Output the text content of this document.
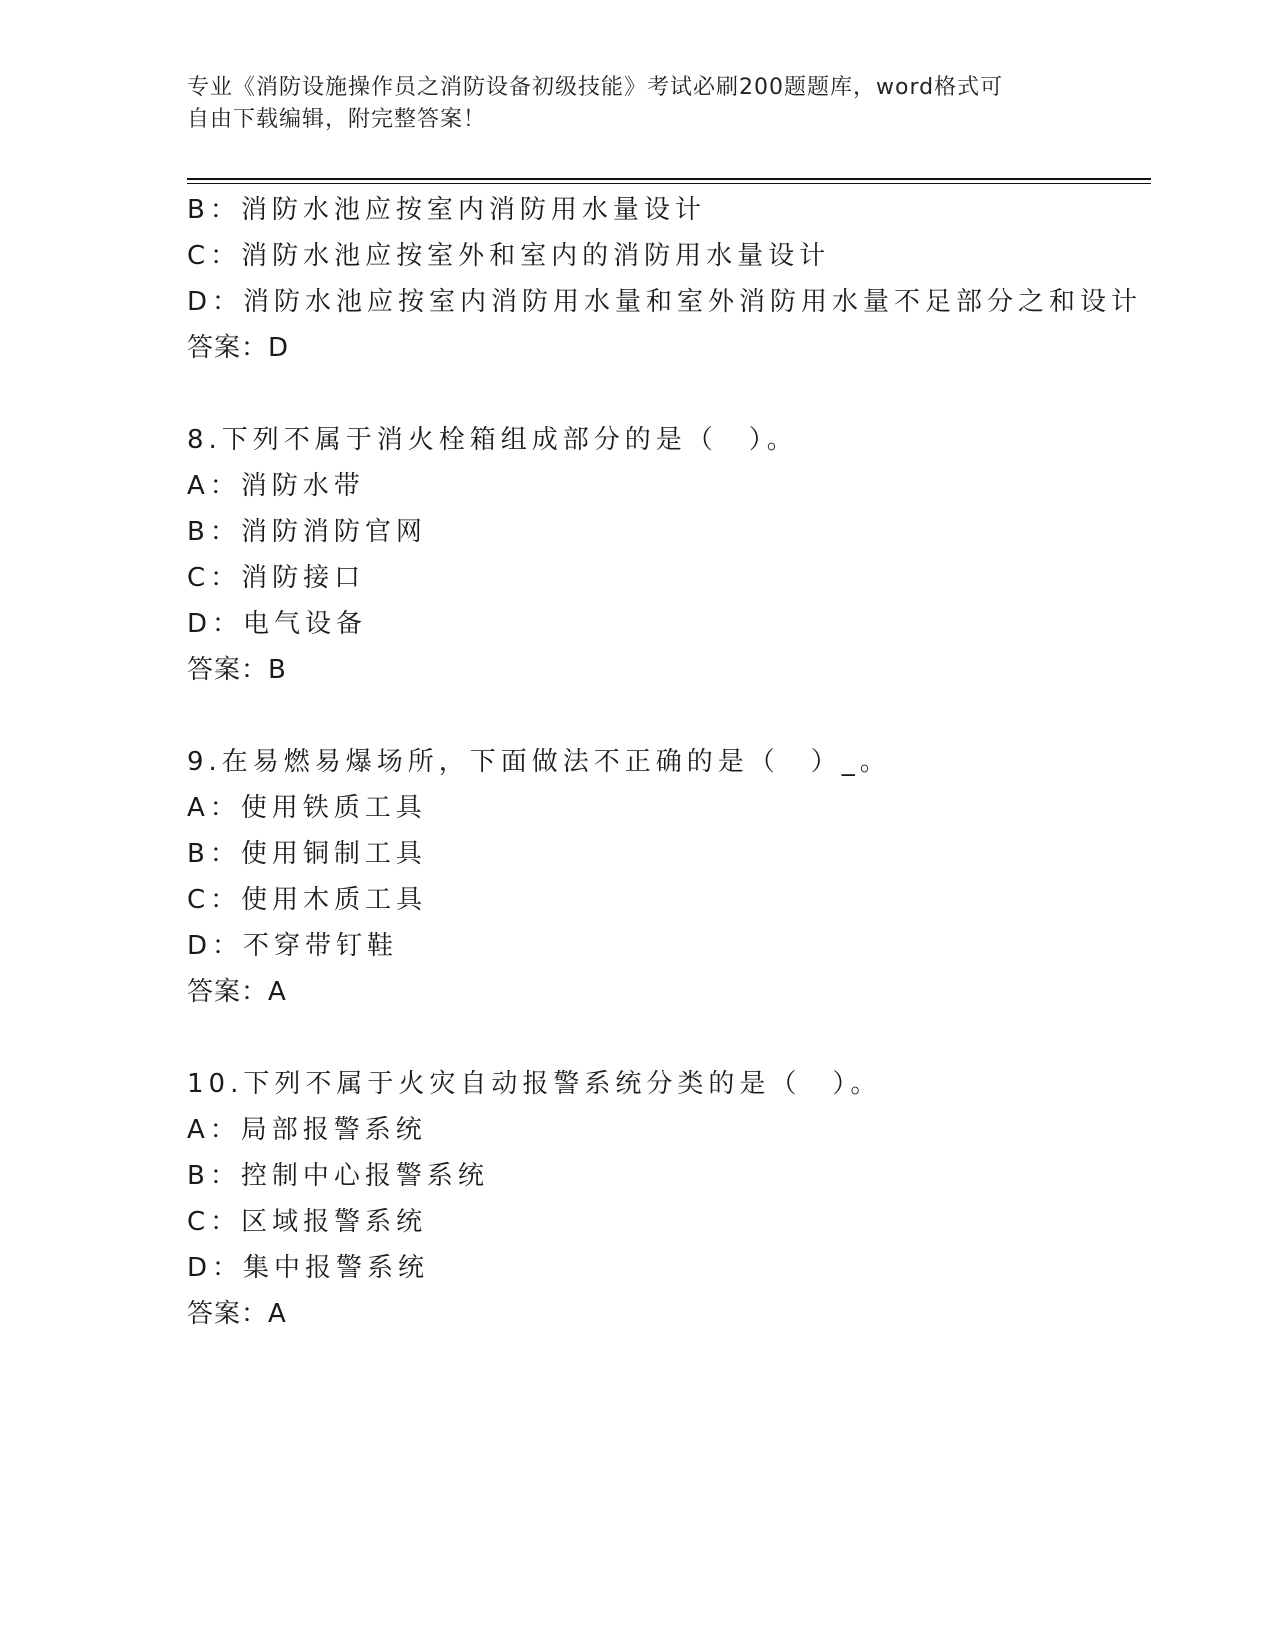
专业《消防设施操作员之消防设备初级技能》考试必刷200题题库，word格式可
自由下载编辑，附完整答案！
B：消防水池应按室内消防用水量设计
C：消防水池应按室外和室内的消防用水量设计
D：消防水池应按室内消防用水量和室外消防用水量不足部分之和设计
答案：D
8.下列不属于消火栓箱组成部分的是（　）。
A：消防水带
B：消防消防官网
C：消防接口
D：电气设备
答案：B
9.在易燃易爆场所，下面做法不正确的是（　）_。
A：使用铁质工具
B：使用铜制工具
C：使用木质工具
D：不穿带钉鞋
答案：A
10.下列不属于火灾自动报警系统分类的是（　）。
A：局部报警系统
B：控制中心报警系统
C：区域报警系统
D：集中报警系统
答案：A
